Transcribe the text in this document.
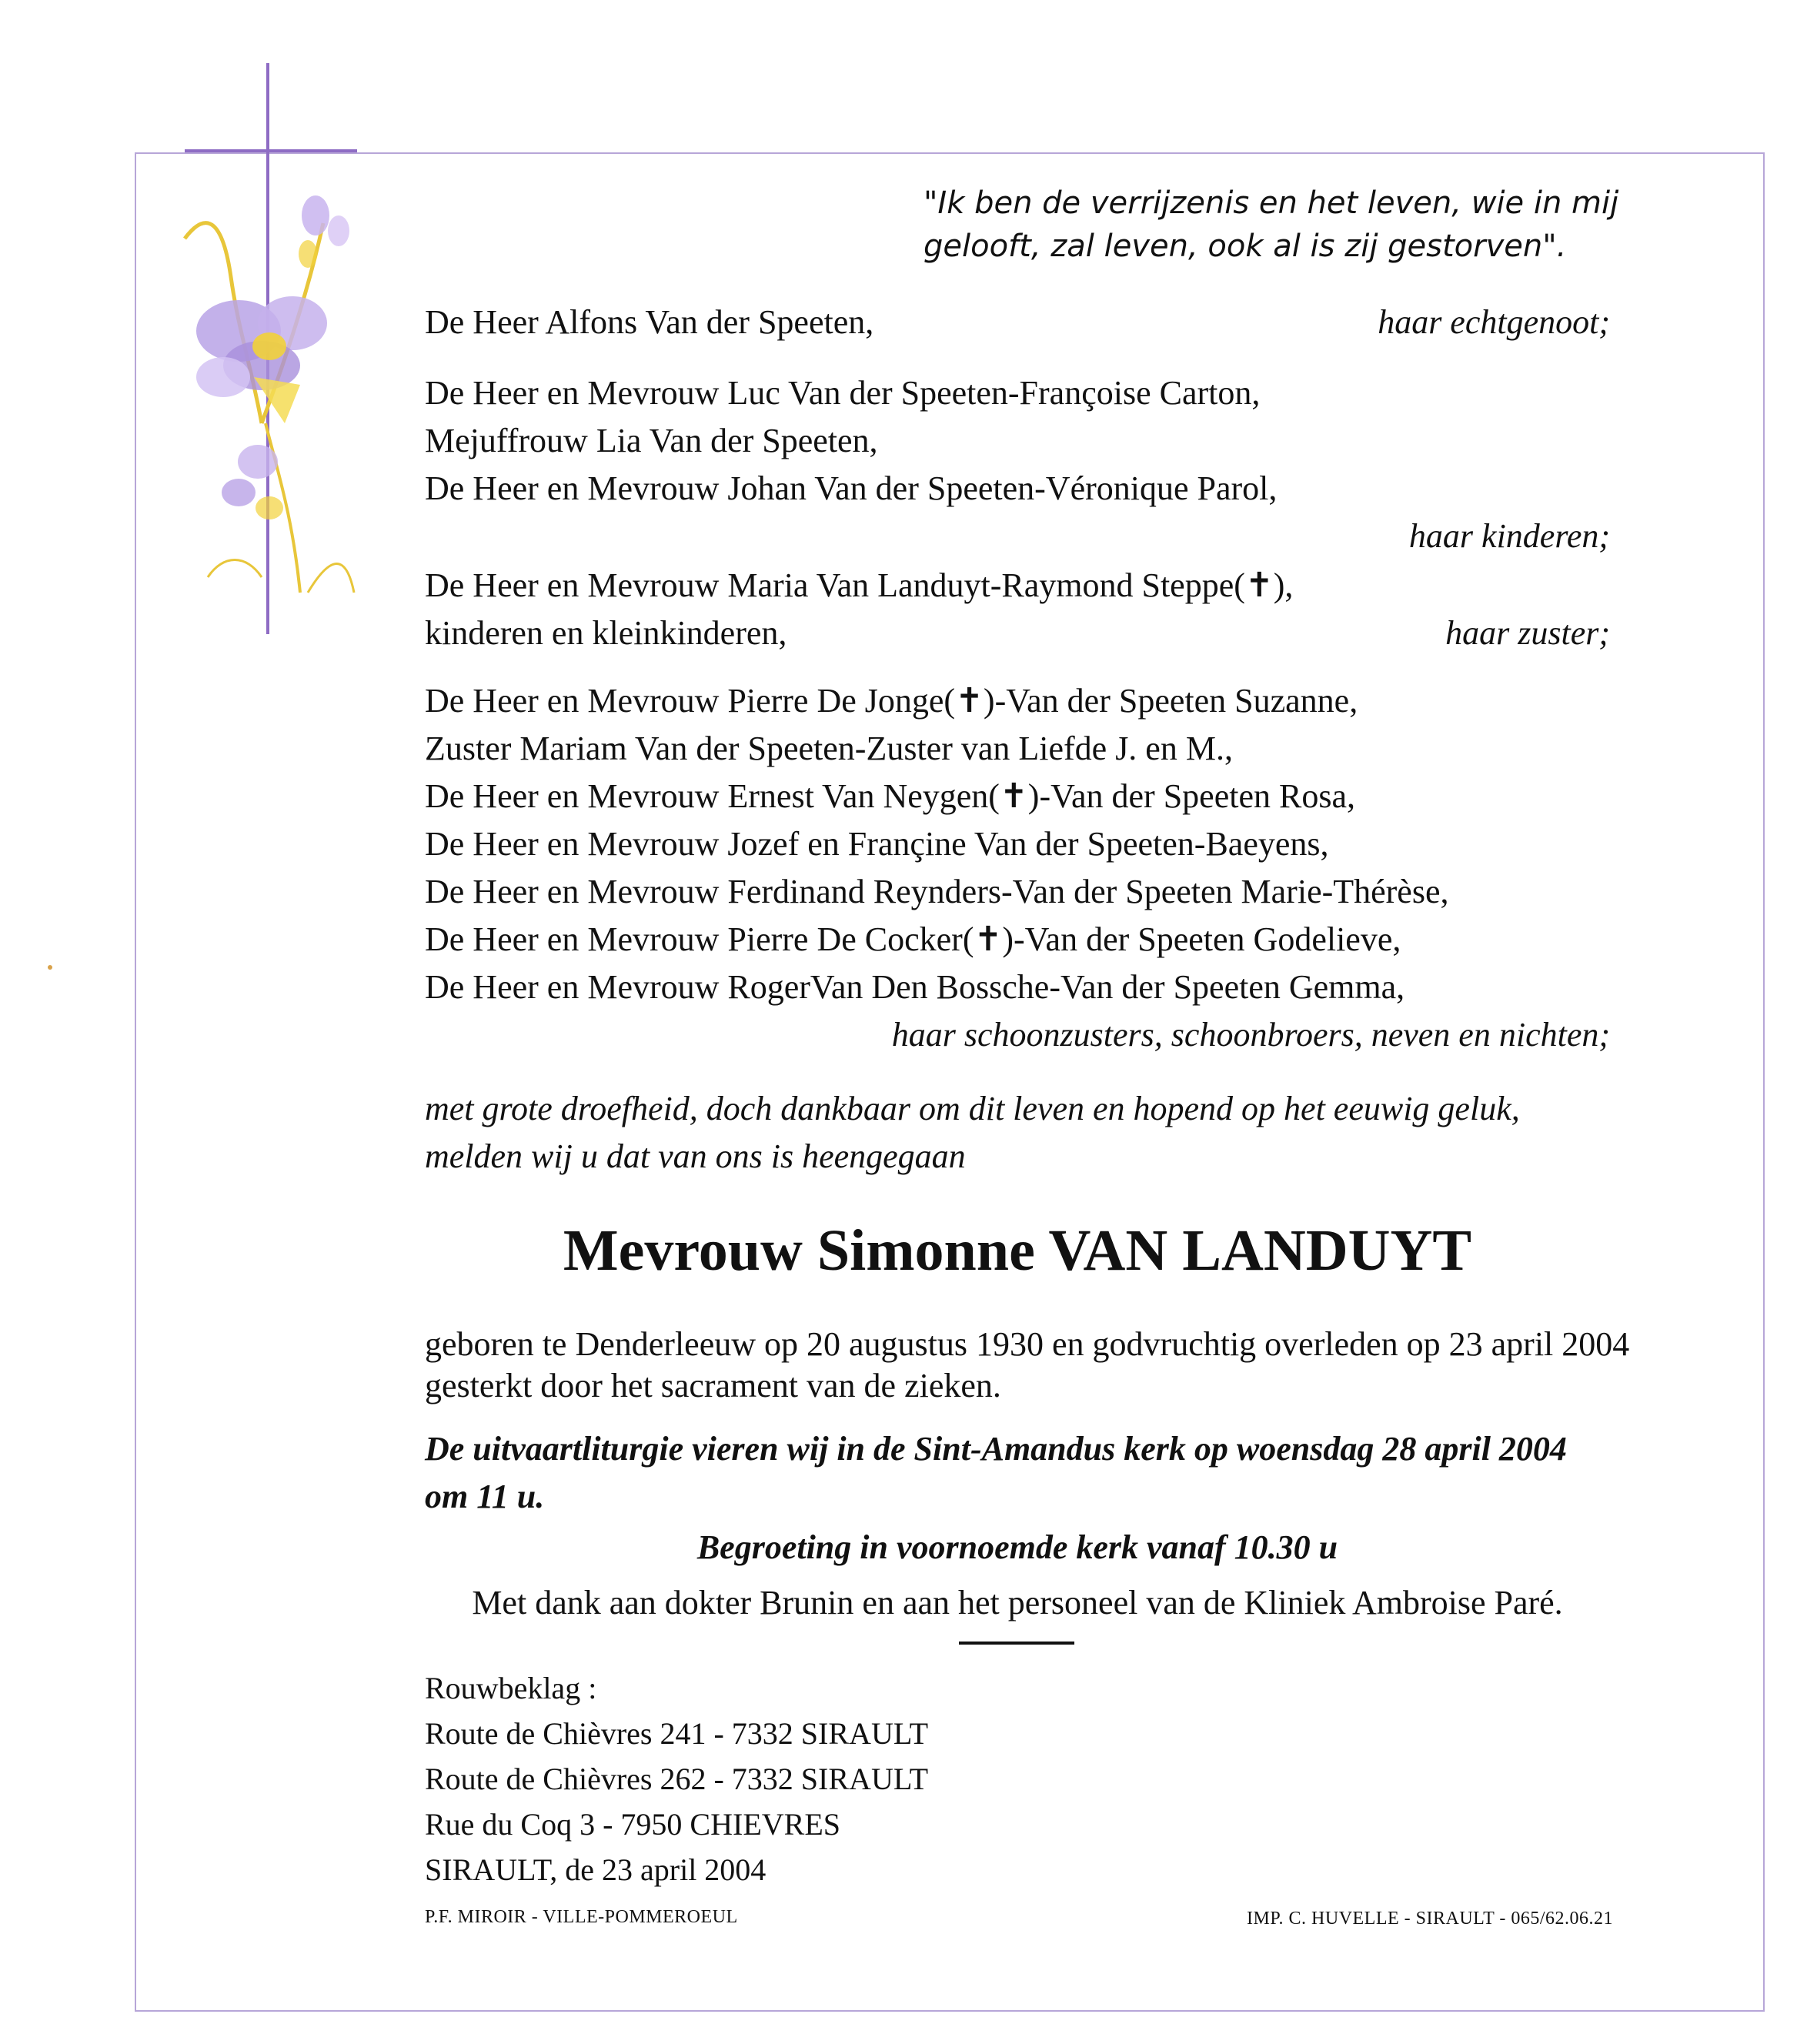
"Ik ben de verrijzenis en het leven, wie in mij
gelooft, zal leven, ook al is zij gestorven".
De Heer Alfons Van der Speeten,	haar echtgenoot;
De Heer en Mevrouw Luc Van der Speeten-Françoise Carton,
Mejuffrouw Lia Van der Speeten,
De Heer en Mevrouw Johan Van der Speeten-Véronique Parol,
haar kinderen;
De Heer en Mevrouw Maria Van Landuyt-Raymond Steppe(✝),
kinderen en kleinkinderen,	haar zuster;
De Heer en Mevrouw Pierre De Jonge(✝)-Van der Speeten Suzanne,
Zuster Mariam Van der Speeten-Zuster van Liefde J. en M.,
De Heer en Mevrouw Ernest Van Neygen(✝)-Van der Speeten Rosa,
De Heer en Mevrouw Jozef en Françine Van der Speeten-Baeyens,
De Heer en Mevrouw Ferdinand Reynders-Van der Speeten Marie-Thérèse,
De Heer en Mevrouw Pierre De Cocker(✝)-Van der Speeten Godelieve,
De Heer en Mevrouw RogerVan Den Bossche-Van der Speeten Gemma,
haar schoonzusters, schoonbroers, neven en nichten;
met grote droefheid, doch dankbaar om dit leven en hopend op het eeuwig geluk,
melden wij u dat van ons is heengegaan
Mevrouw Simonne VAN LANDUYT
geboren te Denderleeuw op 20 augustus 1930 en godvruchtig overleden op 23 april 2004
gesterkt door het sacrament van de zieken.
De uitvaartliturgie vieren wij in de Sint-Amandus kerk op woensdag 28 april 2004
om 11 u.
Begroeting in voornoemde kerk vanaf 10.30 u
Met dank aan dokter Brunin en aan het personeel van de Kliniek Ambroise Paré.
Rouwbeklag :
Route de Chièvres 241 - 7332 SIRAULT
Route de Chièvres 262 - 7332 SIRAULT
Rue du Coq 3 - 7950 CHIEVRES
SIRAULT, de 23 april 2004
P.F. MIROIR - VILLE-POMMEROEUL	IMP. C. HUVELLE - SIRAULT - 065/62.06.21
